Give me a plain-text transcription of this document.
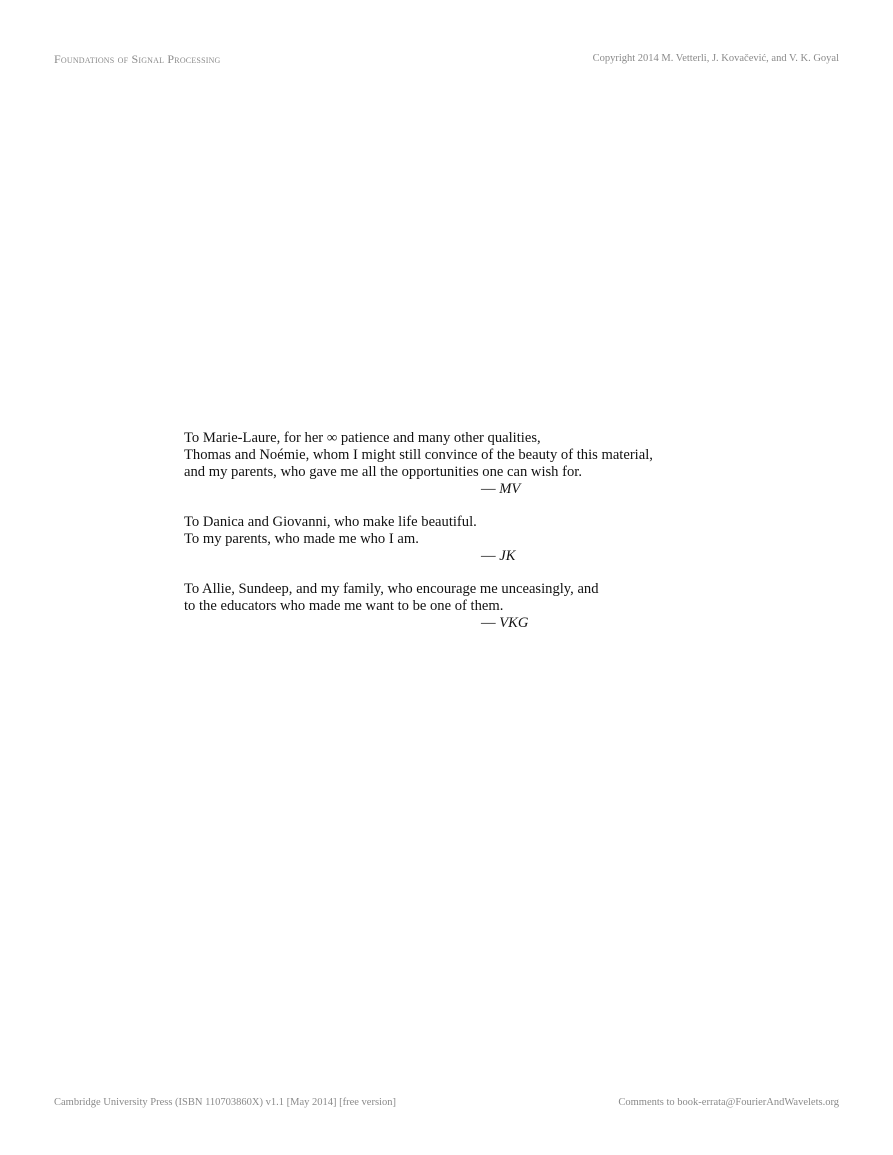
Foundations of Signal Processing	Copyright 2014 M. Vetterli, J. Kovačević, and V. K. Goyal
To Marie-Laure, for her ∞ patience and many other qualities,
Thomas and Noémie, whom I might still convince of the beauty of this material,
and my parents, who gave me all the opportunities one can wish for.
— MV
To Danica and Giovanni, who make life beautiful.
To my parents, who made me who I am.
— JK
To Allie, Sundeep, and my family, who encourage me unceasingly, and
to the educators who made me want to be one of them.
— VKG
Cambridge University Press (ISBN 110703860X) v1.1 [May 2014] [free version]	Comments to book-errata@FourierAndWavelets.org
